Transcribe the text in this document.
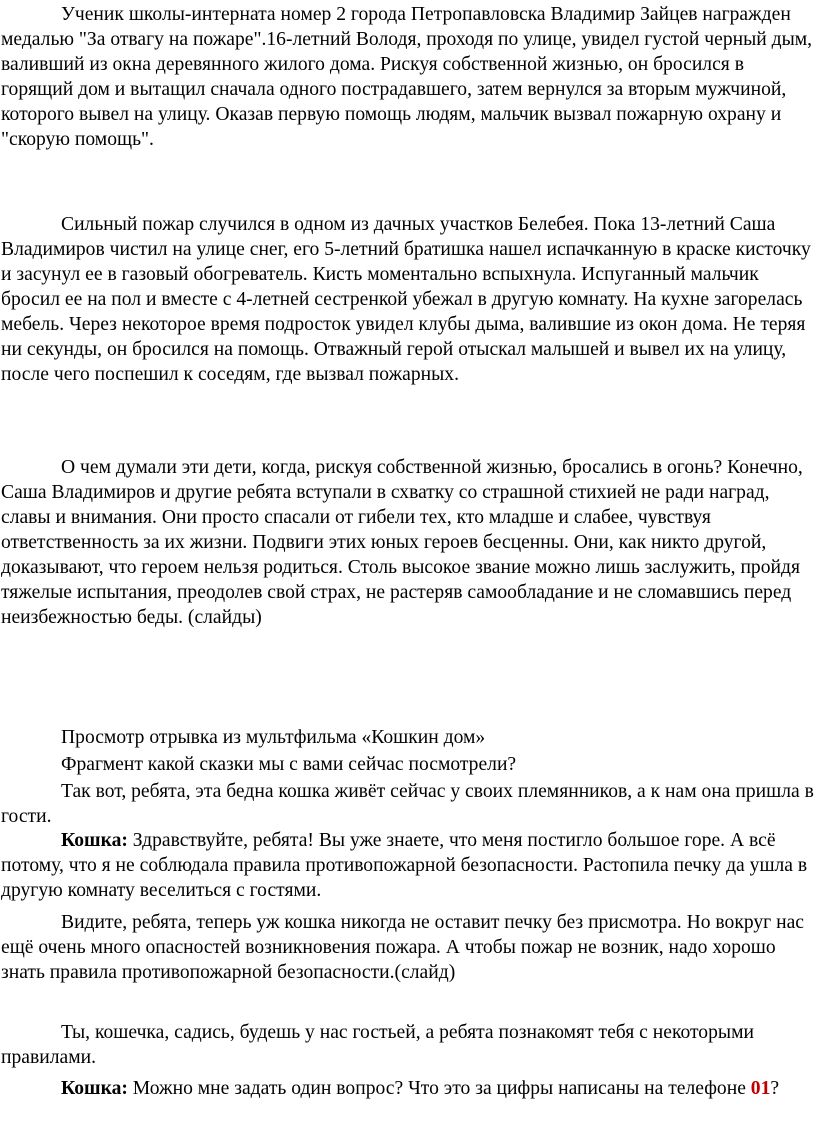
Ученик школы-интерната номер 2 города Петропавловска Владимир Зайцев награжден медалью "За отвагу на пожаре".16-летний Володя, проходя по улице, увидел густой черный дым, валивший из окна деревянного жилого дома. Рискуя собственной жизнью, он бросился в горящий дом и вытащил сначала одного пострадавшего, затем вернулся за вторым мужчиной, которого вывел на улицу. Оказав первую помощь людям, мальчик вызвал пожарную охрану и "скорую помощь".

Сильный пожар случился в одном из дачных участков Белебея. Пока 13-летний Саша Владимиров чистил на улице снег, его 5-летний братишка нашел испачканную в краске кисточку и засунул ее в газовый обогреватель. Кисть моментально вспыхнула. Испуганный мальчик бросил ее на пол и вместе с 4-летней сестренкой убежал в другую комнату. На кухне загорелась мебель. Через некоторое время подросток увидел клубы дыма, валившие из окон дома. Не теряя ни секунды, он бросился на помощь. Отважный герой отыскал малышей и вывел их на улицу, после чего поспешил к соседям, где вызвал пожарных.

О чем думали эти дети, когда, рискуя собственной жизнью, бросались в огонь? Конечно, Саша Владимиров и другие ребята вступали в схватку со страшной стихией не ради наград, славы и внимания. Они просто спасали от гибели тех, кто младше и слабее, чувствуя ответственность за их жизни. Подвиги этих юных героев бесценны. Они, как никто другой, доказывают, что героем нельзя родиться. Столь высокое звание можно лишь заслужить, пройдя тяжелые испытания, преодолев свой страх, не растеряв самообладание и не сломавшись перед неизбежностью беды. (слайды)

Просмотр отрывка из мультфильма «Кошкин дом»

Фрагмент какой сказки мы с вами сейчас посмотрели?

Так вот, ребята, эта бедна кошка живёт сейчас у своих племянников, а к нам она пришла в гости.

Кошка: Здравствуйте, ребята! Вы уже знаете, что меня постигло большое горе. А всё потому, что я не соблюдала правила противопожарной безопасности. Растопила печку да ушла в другую комнату веселиться с гостями.

Видите, ребята, теперь уж кошка никогда не оставит печку без присмотра. Но вокруг нас ещё очень много опасностей возникновения пожара. А чтобы пожар не возник, надо хорошо знать правила противопожарной безопасности.(слайд)

Ты, кошечка, садись, будешь у нас гостьей, а ребята познакомят тебя с некоторыми правилами.

Кошка: Можно мне задать один вопрос? Что это за цифры написаны на телефоне 01?
